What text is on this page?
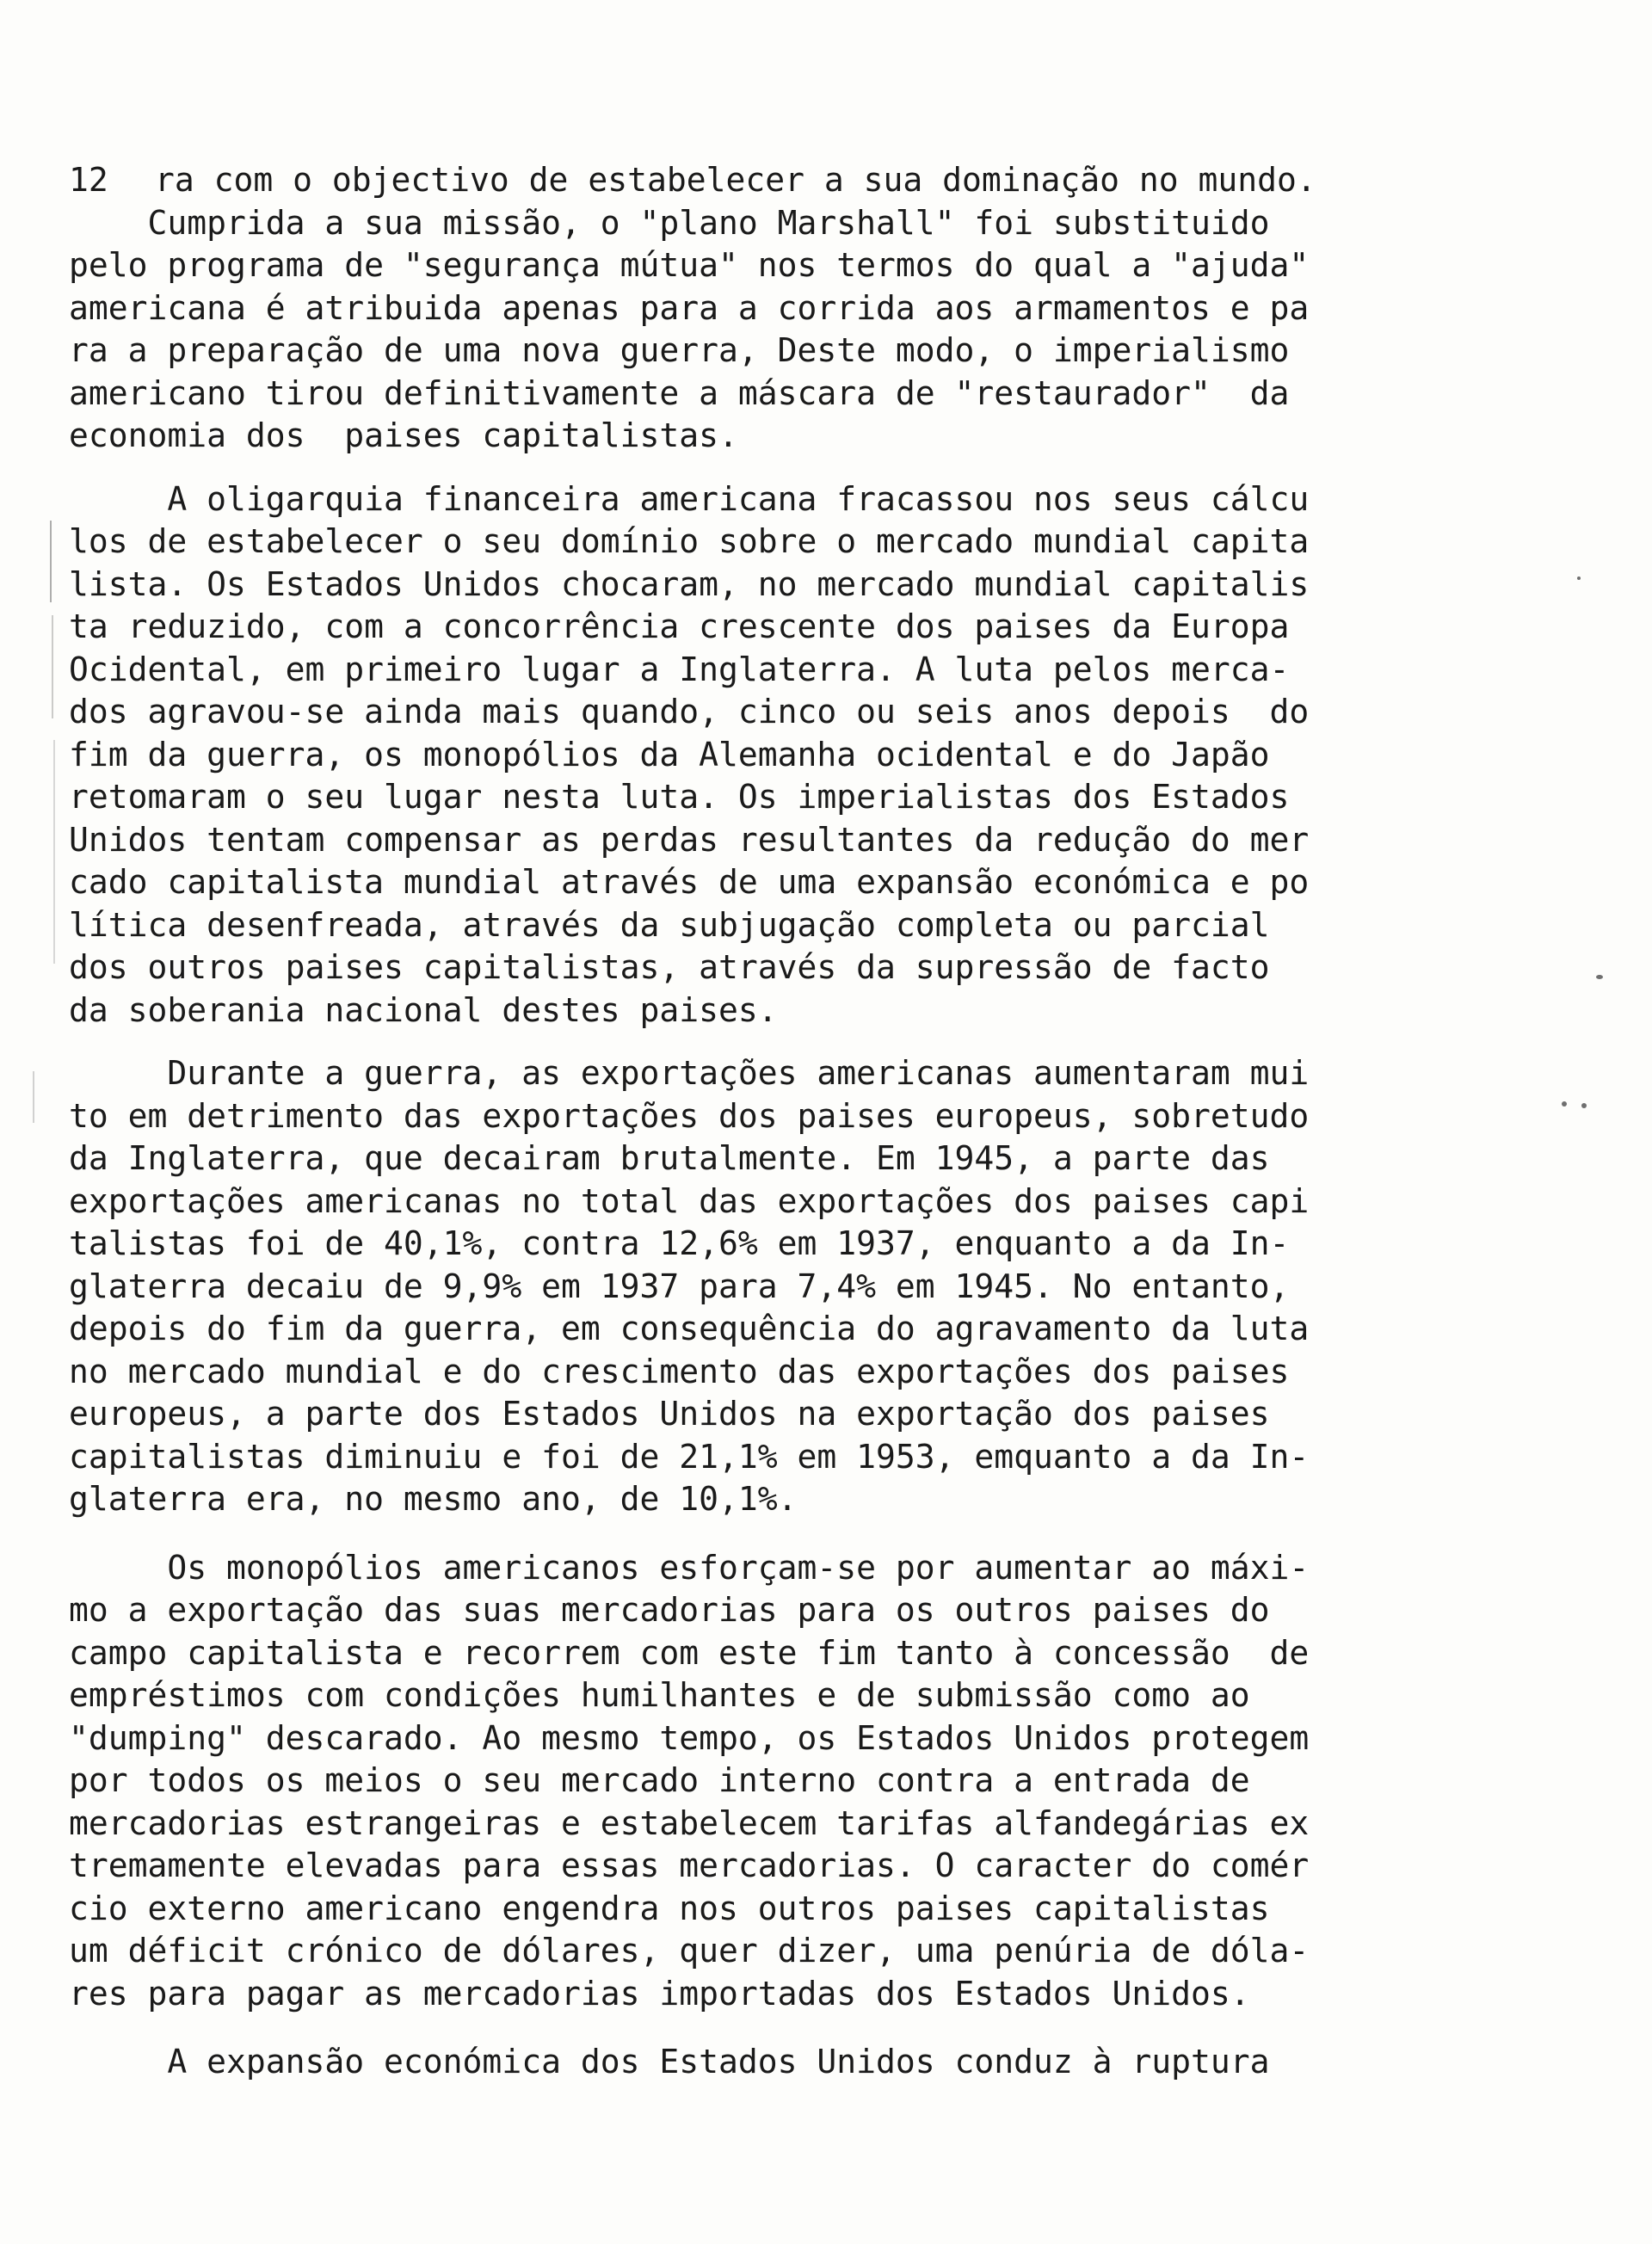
12 ra com o objectivo de estabelecer a sua dominação no mundo.
Cumprida a sua missão, o "plano Marshall" foi substituido
pelo programa de "segurança mútua" nos termos do qual a "ajuda"
americana é atribuida apenas para a corrida aos armamentos e pa
ra a preparação de uma nova guerra, Deste modo, o imperialismo
americano tirou definitivamente a máscara de "restaurador"  da
economia dos  paises capitalistas.
A oligarquia financeira americana fracassou nos seus cálcu
los de estabelecer o seu domínio sobre o mercado mundial capita
lista. Os Estados Unidos chocaram, no mercado mundial capitalis
ta reduzido, com a concorrência crescente dos paises da Europa
Ocidental, em primeiro lugar a Inglaterra. A luta pelos merca-
dos agravou-se ainda mais quando, cinco ou seis anos depois  do
fim da guerra, os monopólios da Alemanha ocidental e do Japão
retomaram o seu lugar nesta luta. Os imperialistas dos Estados
Unidos tentam compensar as perdas resultantes da redução do mer
cado capitalista mundial através de uma expansão económica e po
lítica desenfreada, através da subjugação completa ou parcial
dos outros paises capitalistas, através da supressão de facto
da soberania nacional destes paises.
Durante a guerra, as exportações americanas aumentaram mui
to em detrimento das exportações dos paises europeus, sobretudo
da Inglaterra, que decairam brutalmente. Em 1945, a parte das
exportações americanas no total das exportações dos paises capi
talistas foi de 40,1%, contra 12,6% em 1937, enquanto a da In-
glaterra decaiu de 9,9% em 1937 para 7,4% em 1945. No entanto,
depois do fim da guerra, em consequência do agravamento da luta
no mercado mundial e do crescimento das exportações dos paises
europeus, a parte dos Estados Unidos na exportação dos paises
capitalistas diminuiu e foi de 21,1% em 1953, emquanto a da In-
glaterra era, no mesmo ano, de 10,1%.
Os monopólios americanos esforçam-se por aumentar ao máxi-
mo a exportação das suas mercadorias para os outros paises do
campo capitalista e recorrem com este fim tanto à concessão  de
empréstimos com condições humilhantes e de submissão como ao
"dumping" descarado. Ao mesmo tempo, os Estados Unidos protegem
por todos os meios o seu mercado interno contra a entrada de
mercadorias estrangeiras e estabelecem tarifas alfandegárias ex
tremamente elevadas para essas mercadorias. O caracter do comér
cio externo americano engendra nos outros paises capitalistas
um déficit crónico de dólares, quer dizer, uma penúria de dóla-
res para pagar as mercadorias importadas dos Estados Unidos.
A expansão económica dos Estados Unidos conduz à ruptura
